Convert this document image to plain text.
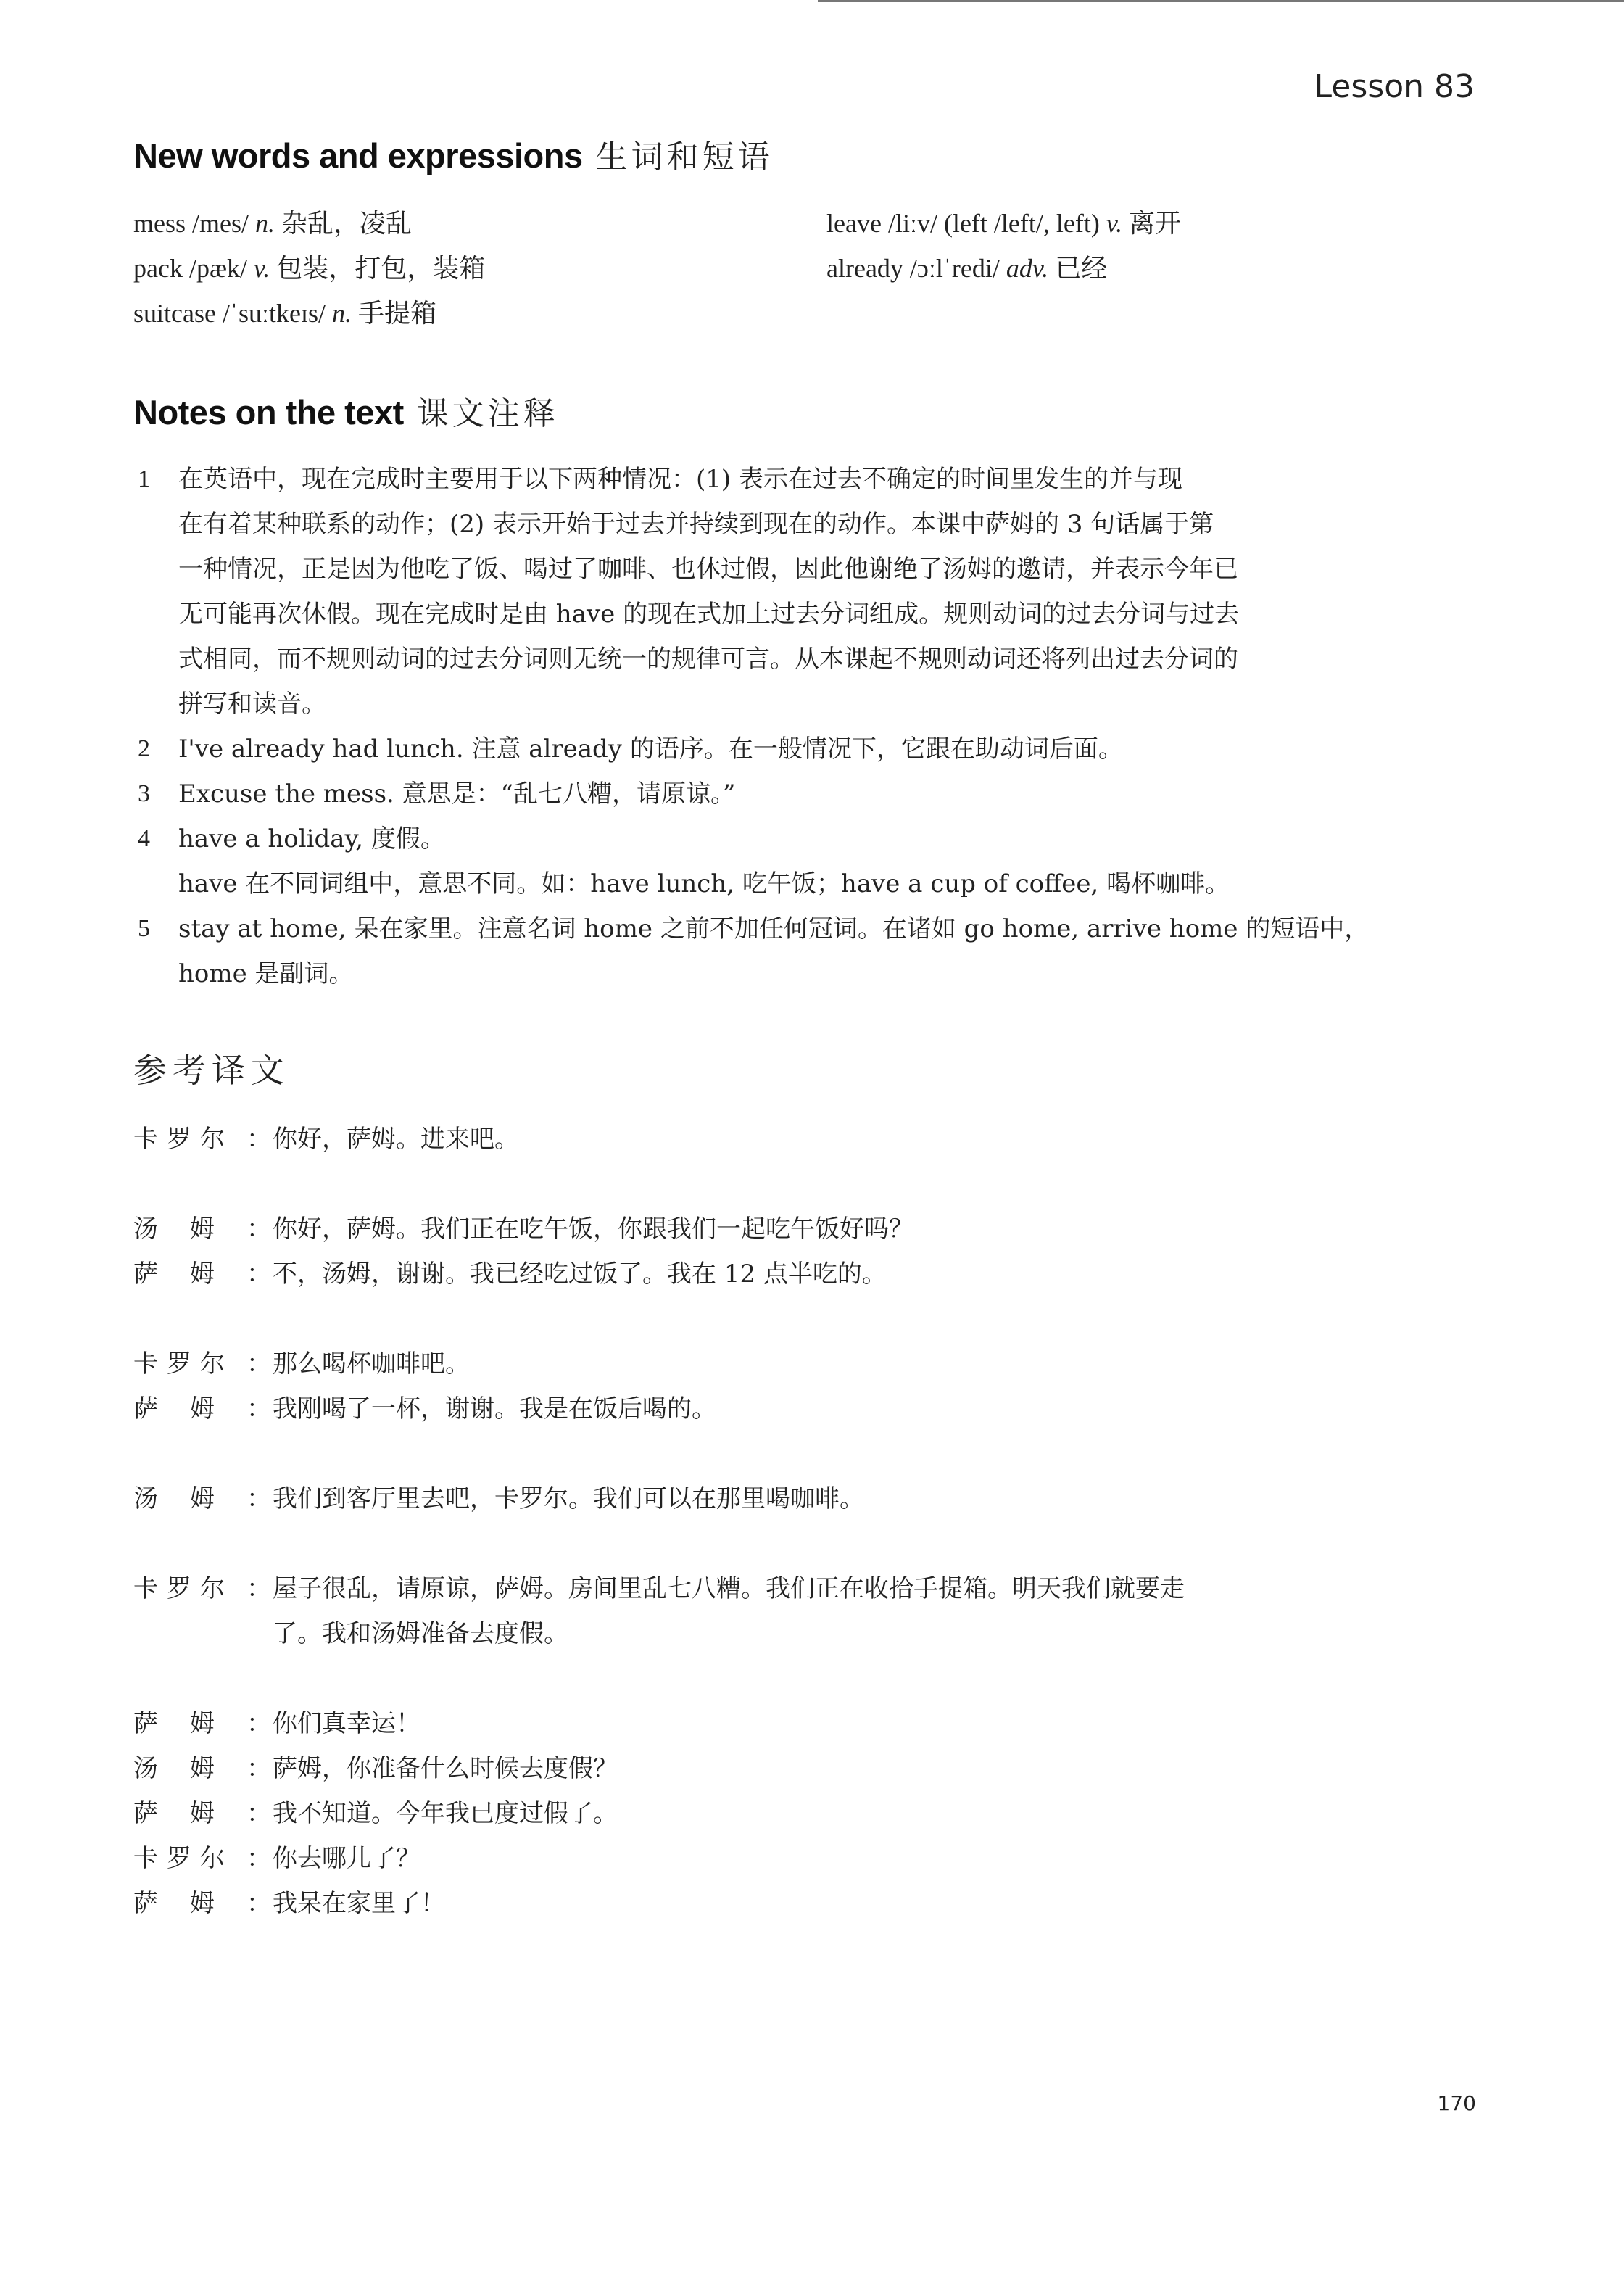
Lesson 83
New words and expressions 生词和短语
mess /mes/ n. 杂乱，凌乱
pack /pæk/ v. 包装，打包，装箱
suitcase /ˈsuːtkeɪs/ n. 手提箱
leave /liːv/ (left /left/, left) v. 离开
already /ɔːlˈredi/ adv. 已经
Notes on the text 课文注释
1 在英语中，现在完成时主要用于以下两种情况：(1) 表示在过去不确定的时间里发生的并与现
在有着某种联系的动作；(2) 表示开始于过去并持续到现在的动作。本课中萨姆的 3 句话属于第
一种情况，正是因为他吃了饭、喝过了咖啡、也休过假，因此他谢绝了汤姆的邀请，并表示今年已
无可能再次休假。现在完成时是由 have 的现在式加上过去分词组成。规则动词的过去分词与过去
式相同，而不规则动词的过去分词则无统一的规律可言。从本课起不规则动词还将列出过去分词的
拼写和读音。
2 I've already had lunch. 注意 already 的语序。在一般情况下，它跟在助动词后面。
3 Excuse the mess. 意思是：“乱七八糟，请原谅。”
4 have a holiday, 度假。
have 在不同词组中，意思不同。如：have lunch, 吃午饭；have a cup of coffee, 喝杯咖啡。
5 stay at home, 呆在家里。注意名词 home 之前不加任何冠词。在诸如 go home, arrive home 的短语中，
home 是副词。
参考译文
卡 罗 尔 ： 你好，萨姆。进来吧。
汤 姆	： 你好，萨姆。我们正在吃午饭，你跟我们一起吃午饭好吗？
萨 姆	： 不，汤姆，谢谢。我已经吃过饭了。我在 12 点半吃的。
卡 罗 尔 ： 那么喝杯咖啡吧。
萨 姆	： 我刚喝了一杯，谢谢。我是在饭后喝的。
汤 姆	： 我们到客厅里去吧，卡罗尔。我们可以在那里喝咖啡。
卡 罗 尔 ： 屋子很乱，请原谅，萨姆。房间里乱七八糟。我们正在收拾手提箱。明天我们就要走
了。我和汤姆准备去度假。
萨 姆	： 你们真幸运！
汤 姆	： 萨姆，你准备什么时候去度假？
萨 姆	： 我不知道。今年我已度过假了。
卡 罗 尔 ： 你去哪儿了？
萨 姆	： 我呆在家里了！
170
